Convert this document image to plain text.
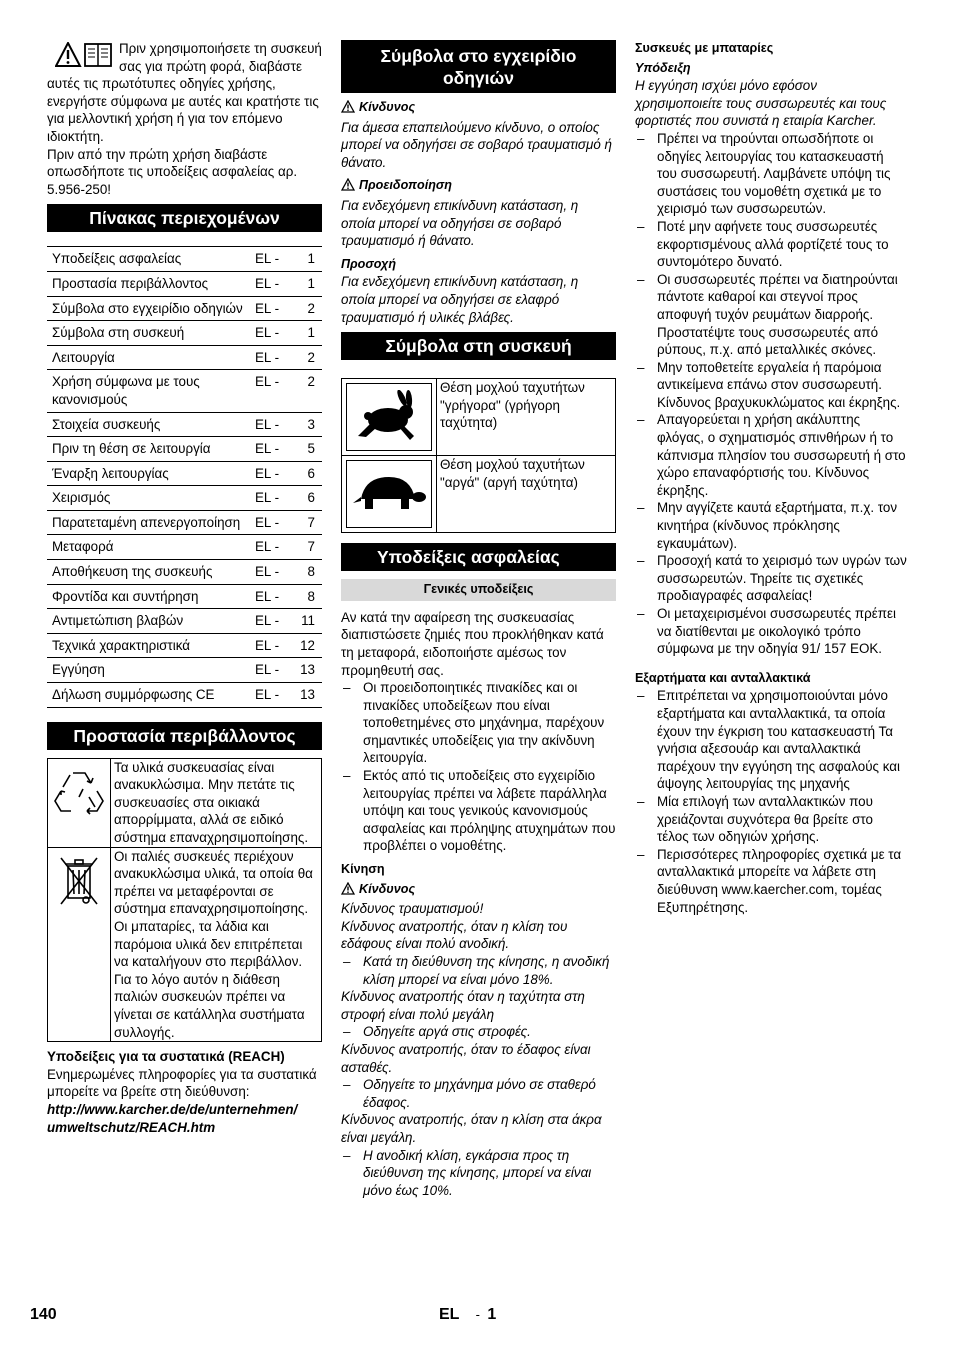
Πριν χρησιμοποιήσετε τη συσκευή σας για πρώτη φορά, διαβάστε αυτές τις πρωτότυπες οδηγίες χρήσης, ενεργήστε σύμφωνα με αυτές και κρατήστε τις για μελλοντική χρήση ή για τον επόμενο ιδιοκτήτη.

Πριν από την πρώτη χρήση διαβάστε οπωσδήποτε τις υποδείξεις ασφαλείας αρ. 5.956-250!

Πίνακας περιεχομένων
Υποδείξεις ασφαλείας	EL -	1
Προστασία περιβάλλοντος	EL -	1
Σύμβολα στο εγχειρίδιο οδηγιών	EL -	2
Σύμβολα στη συσκευή	EL -	1
Λειτουργία	EL -	2
Χρήση σύμφωνα με τους κανονισμούς	EL -	2
Στοιχεία συσκευής	EL -	3
Πριν τη θέση σε λειτουργία	EL -	5
Έναρξη λειτουργίας	EL -	6
Χειρισμός	EL -	6
Παρατεταμένη απενεργοποίηση	EL -	7
Μεταφορά	EL -	7
Αποθήκευση της συσκευής	EL -	8
Φροντίδα και συντήρηση	EL -	8
Αντιμετώπιση βλαβών	EL -	11
Τεχνικά χαρακτηριστικά	EL -	12
Εγγύηση	EL -	13
Δήλωση συμμόρφωσης CE	EL -	13
Προστασία περιβάλλοντος
	Τα υλικά συσκευασίας είναι ανακυκλώσιμα. Μην πετάτε τις συσκευασίες στα οικιακά απορρίμματα, αλλά σε ειδικό σύστημα επαναχρησιμοποίησης.
	Οι παλιές συσκευές περιέχουν ανακυκλώσιμα υλικά, τα οποία θα πρέπει να μεταφέρονται σε σύστημα επαναχρησιμοποίησης. Οι μπαταρίες, τα λάδια και παρόμοια υλικά δεν επιτρέπεται να καταλήγουν στο περιβάλλον. Για το λόγο αυτόν η διάθεση παλιών συσκευών πρέπει να γίνεται σε κατάλληλα συστήματα συλλογής.

Υποδείξεις για τα συστατικά (REACH)

Ενημερωμένες πληροφορίες για τα συστατικά μπορείτε να βρείτε στη διεύθυνση:

http://www.karcher.de/de/unternehmen/

umweltschutz/REACH.htm

Σύμβολα στο εγχειρίδιο οδηγιών

Κίνδυνος

Για άμεσα επαπειλούμενο κίνδυνο, ο οποίος μπορεί να οδηγήσει σε σοβαρό τραυματισμό ή θάνατο.

Προειδοποίηση

Για ενδεχόμενη επικίνδυνη κατάσταση, η οποία μπορεί να οδηγήσει σε σοβαρό τραυματισμό ή θάνατο.

Προσοχή

Για ενδεχόμενη επικίνδυνη κατάσταση, η οποία μπορεί να οδηγήσει σε ελαφρό τραυματισμό ή υλικές βλάβες.

Σύμβολα στη συσκευή
	Θέση μοχλού ταχυτήτων "γρήγορα" (γρήγορη ταχύτητα)

	Θέση μοχλού ταχυτήτων "αργά" (αργή ταχύτητα)
Υποδείξεις ασφαλείας
Γενικές υποδείξεις

Αν κατά την αφαίρεση της συσκευασίας διαπιστώσετε ζημιές που προκλήθηκαν κατά τη μεταφορά, ειδοποιήστε αμέσως τον προμηθευτή σας.

– Οι προειδοποιητικές πινακίδες και οι πινακίδες υποδείξεων που είναι τοποθετημένες στο μηχάνημα, παρέχουν σημαντικές υποδείξεις για την ακίνδυνη λειτουργία.
– Εκτός από τις υποδείξεις στο εγχειρίδιο λειτουργίας πρέπει να λάβετε παράλληλα υπόψη και τους γενικούς κανονισμούς ασφαλείας και πρόληψης ατυχημάτων που προβλέπει ο νομοθέτης.

Κίνηση

Κίνδυνος

Κίνδυνος τραυματισμού!

Κίνδυνος ανατροπής, όταν η κλίση του εδάφους είναι πολύ ανοδική.

– Κατά τη διεύθυνση της κίνησης, η ανοδική κλίση μπορεί να είναι μόνο 18%.

Κίνδυνος ανατροπής όταν η ταχύτητα στη στροφή είναι πολύ μεγάλη

– Οδηγείτε αργά στις στροφές.

Κίνδυνος ανατροπής, όταν το έδαφος είναι ασταθές.

– Οδηγείτε το μηχάνημα μόνο σε σταθερό έδαφος.

Κίνδυνος ανατροπής, όταν η κλίση στα άκρα είναι μεγάλη.

– Η ανοδική κλίση, εγκάρσια προς τη διεύθυνση της κίνησης, μπορεί να είναι μόνο έως 10%.

Συσκευές με μπαταρίες

Υπόδειξη

Η εγγύηση ισχύει μόνο εφόσον χρησιμοποιείτε τους συσσωρευτές και τους φορτιστές που συνιστά η εταιρία Karcher.

– Πρέπει να τηρούνται οπωσδήποτε οι οδηγίες λειτουργίας του κατασκευαστή του συσσωρευτή. Λαμβάνετε υπόψη τις συστάσεις του νομοθέτη σχετικά με το χειρισμό των συσσωρευτών.
– Ποτέ μην αφήνετε τους συσσωρευτές εκφορτισμένους αλλά φορτίζετέ τους το συντομότερο δυνατό.
– Οι συσσωρευτές πρέπει να διατηρούνται πάντοτε καθαροί και στεγνοί προς αποφυγή τυχόν ρευμάτων διαρροής. Προστατέψτε τους συσσωρευτές από ρύπους, π.χ. από μεταλλικές σκόνες.
– Μην τοποθετείτε εργαλεία ή παρόμοια αντικείμενα επάνω στον συσσωρευτή. Κίνδυνος βραχυκυκλώματος και έκρηξης.
– Απαγορεύεται η χρήση ακάλυπτης φλόγας, ο σχηματισμός σπινθήρων ή το κάπνισμα πλησίον του συσσωρευτή ή στο χώρο επαναφόρτισής του. Κίνδυνος έκρηξης.
– Μην αγγίζετε καυτά εξαρτήματα, π.χ. τον κινητήρα (κίνδυνος πρόκλησης εγκαυμάτων).
– Προσοχή κατά το χειρισμό των υγρών των συσσωρευτών. Τηρείτε τις σχετικές προδιαγραφές ασφαλείας!
– Οι μεταχειρισμένοι συσσωρευτές πρέπει να διατίθενται με οικολογικό τρόπο σύμφωνα με την οδηγία 91/ 157 ΕΟΚ.

Εξαρτήματα και ανταλλακτικά

– Επιτρέπεται να χρησιμοποιούνται μόνο εξαρτήματα και ανταλλακτικά, τα οποία έχουν την έγκριση του κατασκευαστή Τα γνήσια αξεσουάρ και ανταλλακτικά παρέχουν την εγγύηση της ασφαλούς και άψογης λειτουργίας της μηχανής
– Μία επιλογή των ανταλλακτικών που χρειάζονται συχνότερα θα βρείτε στο τέλος των οδηγιών χρήσης.
– Περισσότερες πληροφορίες σχετικά με τα ανταλλακτικά μπορείτε να λάβετε στη διεύθυνση www.kaercher.com, τομέας Εξυπηρέτησης.
140	EL - 1
